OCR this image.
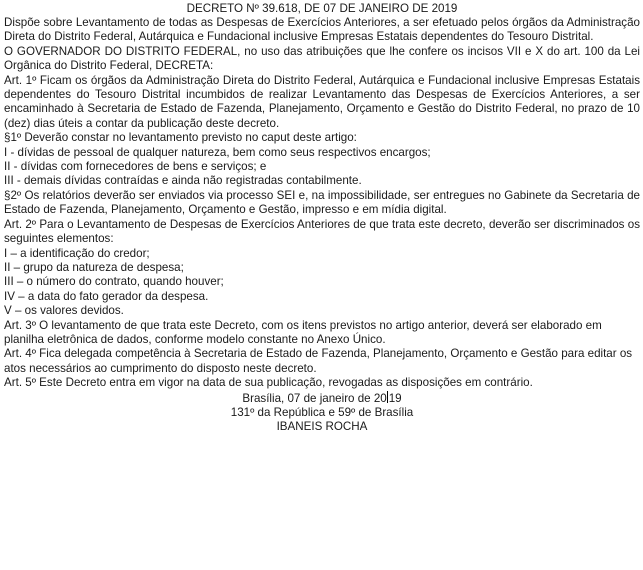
DECRETO Nº 39.618, DE 07 DE JANEIRO DE 2019

Dispõe sobre Levantamento de todas as Despesas de Exercícios Anteriores, a ser efetuado pelos órgãos da Administração Direta do Distrito Federal, Autárquica e Fundacional inclusive Empresas Estatais dependentes do Tesouro Distrital.

O GOVERNADOR DO DISTRITO FEDERAL, no uso das atribuições que lhe confere os incisos VII e X do art. 100 da Lei Orgânica do Distrito Federal, DECRETA:

Art. 1º Ficam os órgãos da Administração Direta do Distrito Federal, Autárquica e Fundacional inclusive Empresas Estatais dependentes do Tesouro Distrital incumbidos de realizar Levantamento das Despesas de Exercícios Anteriores, a ser encaminhado à Secretaria de Estado de Fazenda, Planejamento, Orçamento e Gestão do Distrito Federal, no prazo de 10 (dez) dias úteis a contar da publicação deste decreto.

§1º Deverão constar no levantamento previsto no caput deste artigo:

I - dívidas de pessoal de qualquer natureza, bem como seus respectivos encargos;

II - dívidas com fornecedores de bens e serviços; e

III - demais dívidas contraídas e ainda não registradas contabilmente.

§2º Os relatórios deverão ser enviados via processo SEI e, na impossibilidade, ser entregues no Gabinete da Secretaria de Estado de Fazenda, Planejamento, Orçamento e Gestão, impresso e em mídia digital.

Art. 2º Para o Levantamento de Despesas de Exercícios Anteriores de que trata este decreto, deverão ser discriminados os seguintes elementos:

I – a identificação do credor;

II – grupo da natureza de despesa;

III – o número do contrato, quando houver;

IV – a data do fato gerador da despesa.

V – os valores devidos.

Art. 3º O levantamento de que trata este Decreto, com os itens previstos no artigo anterior, deverá ser elaborado em planilha eletrônica de dados, conforme modelo constante no Anexo Único.

Art. 4º Fica delegada competência à Secretaria de Estado de Fazenda, Planejamento, Orçamento e Gestão para editar os atos necessários ao cumprimento do disposto neste decreto.

Art. 5º Este Decreto entra em vigor na data de sua publicação, revogadas as disposições em contrário.

Brasília, 07 de janeiro de 20 19

131º da República e 59º de Brasília

IBANEIS ROCHA
